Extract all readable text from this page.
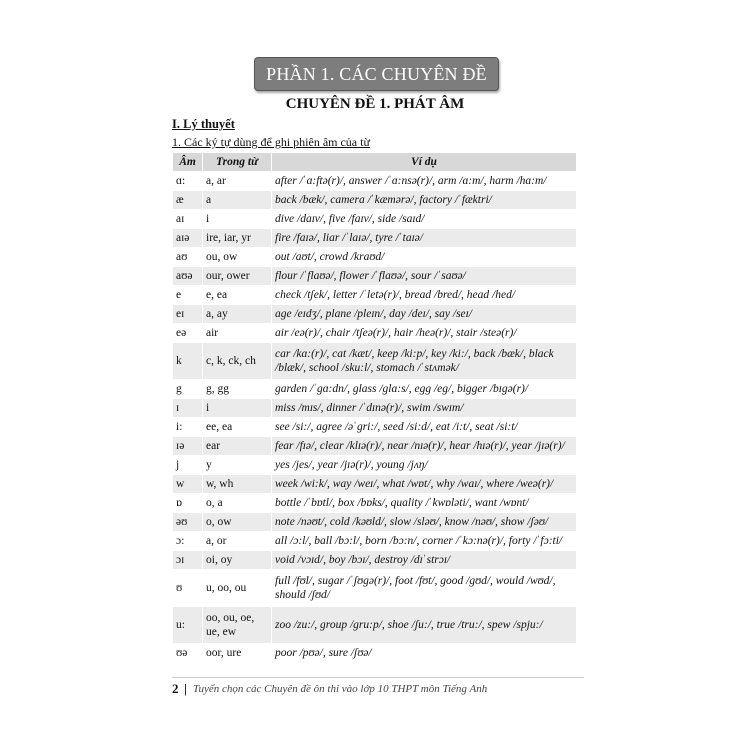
PHẦN 1. CÁC CHUYÊN ĐỀ
CHUYÊN ĐỀ 1. PHÁT ÂM
I. Lý thuyết
1. Các ký tự dùng để ghi phiên âm của từ
Âm	Trong từ	Ví dụ
ɑ:	a, ar	after /ˈɑ:ftə(r)/, answer /ˈɑ:nsə(r)/, arm /ɑ:m/, harm /hɑ:m/
æ	a	back /bæk/, camera /ˈkæmərə/, factory /ˈfæktri/
aɪ	i	dive /daɪv/, five /faɪv/, side /saɪd/
aɪə	ire, iar, yr	fire /faɪə/, liar /ˈlaɪə/, tyre /ˈtaɪə/
aʊ	ou, ow	out /aʊt/, crowd /kraʊd/
aʊə	our, ower	flour /ˈflaʊə/, flower /ˈflaʊə/, sour /ˈsaʊə/
e	e, ea	check /tʃek/, letter /ˈletə(r)/, bread /bred/, head /hed/
eɪ	a, ay	age /eɪdʒ/, plane /pleɪn/, day /deɪ/, say /seɪ/
eə	air	air /eə(r)/, chair /tʃeə(r)/, hair /heə(r)/, stair /steə(r)/
k	c, k, ck, ch	car /kɑ:(r)/, cat /kæt/, keep /ki:p/, key /ki:/, back /bæk/, black /blæk/, school /sku:l/, stomach /ˈstʌmək/
g	g, gg	garden /ˈgɑ:dn/, glass /glɑ:s/, egg /eg/, bigger /bɪgə(r)/
ɪ	i	miss /mɪs/, dinner /ˈdɪnə(r)/, swim /swɪm/
i:	ee, ea	see /si:/, agree /əˈgri:/, seed /si:d/, eat /i:t/, seat /si:t/
ɪə	ear	fear /fɪə/, clear /klɪə(r)/, near /nɪə(r)/, hear /hɪə(r)/, year /jɪə(r)/
j	y	yes /jes/, year /jɪə(r)/, young /jʌŋ/
w	w, wh	week /wi:k/, way /weɪ/, what /wɒt/, why /waɪ/, where /weə(r)/
ɒ	o, a	bottle /ˈbɒtl/, box /bɒks/, quality /ˈkwɒləti/, want /wɒnt/
əʊ	o, ow	note /nəʊt/, cold /kəʊld/, slow /sləʊ/, know /nəʊ/, show /ʃəʊ/
ɔ:	a, or	all /ɔ:l/, ball /bɔ:l/, born /bɔ:n/, corner /ˈkɔ:nə(r)/, forty /ˈfɔ:ti/
ɔɪ	oi, oy	void /vɔɪd/, boy /bɔɪ/, destroy /dɪˈstrɔɪ/
ʊ	u, oo, ou	full /fʊl/, sugar /ˈʃʊgə(r)/, foot /fʊt/, good /gʊd/, would /wʊd/, should /ʃʊd/
u:	oo, ou, oe, ue, ew	zoo /zu:/, group /gru:p/, shoe /ʃu:/, true /tru:/, spew /spju:/
ʊə	oor, ure	poor /pʊə/, sure /ʃʊə/
2 | Tuyển chọn các Chuyên đề ôn thi vào lớp 10 THPT môn Tiếng Anh
